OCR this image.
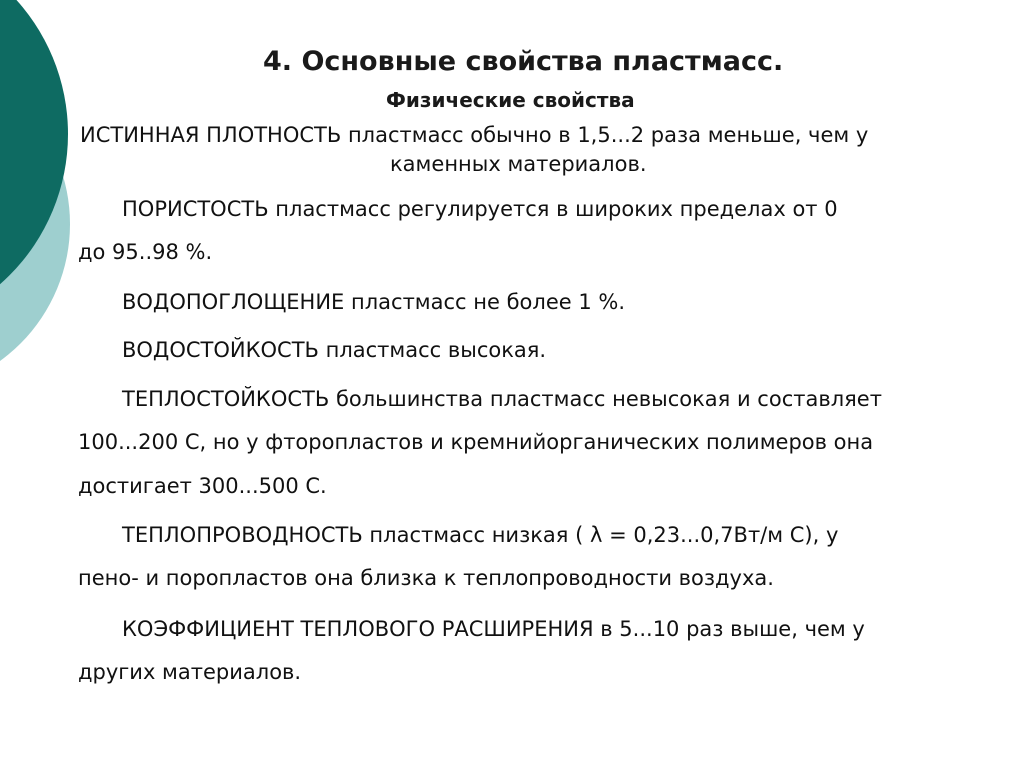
4. Основные свойства пластмасс.
Физические свойства

ИСТИННАЯ ПЛОТНОСТЬ пластмасс обычно в 1,5...2 раза меньше, чем у

каменных материалов.

ПОРИСТОСТЬ пластмасс регулируется в широких пределах от 0

до 95..98 %.

ВОДОПОГЛОЩЕНИЕ пластмасс не более 1 %.

ВОДОСТОЙКОСТЬ пластмасс высокая.

ТЕПЛОСТОЙКОСТЬ большинства пластмасс невысокая и составляет

100...200 С, но у фторопластов и кремнийорганических полимеров она

достигает 300...500 С.

ТЕПЛОПРОВОДНОСТЬ пластмасс низкая ( λ = 0,23...0,7Вт/м С), у

пено- и поропластов она близка к теплопроводности воздуха.

КОЭФФИЦИЕНТ ТЕПЛОВОГО РАСШИРЕНИЯ в 5...10 раз выше, чем у

других материалов.
